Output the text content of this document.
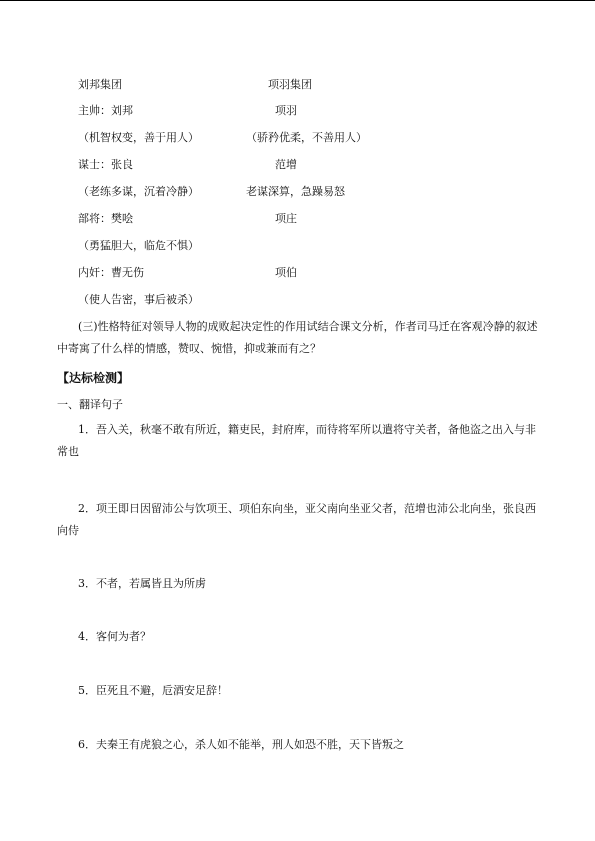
刘邦集团	项羽集团
主帅：刘邦	项羽
（机智权变，善于用人）	（骄矜优柔，不善用人）
谋士：张良	范增
（老练多谋，沉着冷静）	老谋深算，急躁易怒
部将：樊哙	项庄
（勇猛胆大，临危不惧）
内奸：曹无伤	项伯
（使人告密，事后被杀）
(三)性格特征对领导人物的成败起决定性的作用试结合课文分析，作者司马迁在客观冷静的叙述中寄寓了什么样的情感，赞叹、惋惜，抑或兼而有之？
【达标检测】
一、翻译句子
1．吾入关，秋毫不敢有所近，籍吏民，封府库，而待将军所以遣将守关者，备他盗之出入与非常也
2．项王即日因留沛公与饮项王、项伯东向坐，亚父南向坐亚父者，范增也沛公北向坐，张良西向侍
3．不者，若属皆且为所虏
4．客何为者？
5．臣死且不避，卮酒安足辞！
6．夫秦王有虎狼之心，杀人如不能举，刑人如恐不胜，天下皆叛之
